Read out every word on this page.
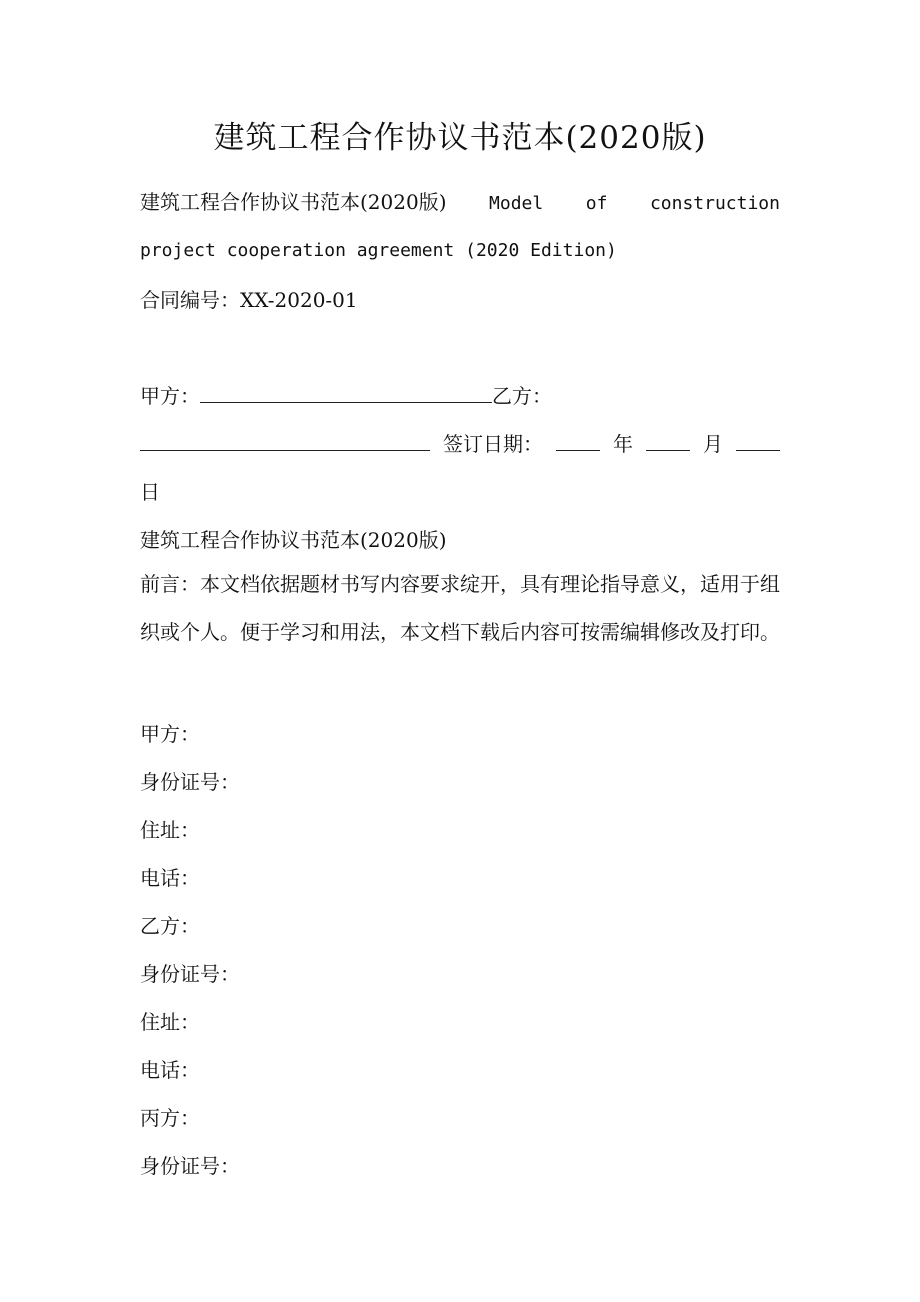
建筑工程合作协议书范本(2020版)
建筑工程合作协议书范本(2020版) Model of construction
project cooperation agreement (2020 Edition)
合同编号：XX-2020-01
甲方：	乙方：
签订日期：	年	月
日
建筑工程合作协议书范本(2020版)
前言：本文档依据题材书写内容要求绽开，具有理论指导意义，适用于组织或个人。便于学习和用法，本文档下载后内容可按需编辑修改及打印。
甲方：
身份证号：
住址：
电话：
乙方：
身份证号：
住址：
电话：
丙方：
身份证号：
